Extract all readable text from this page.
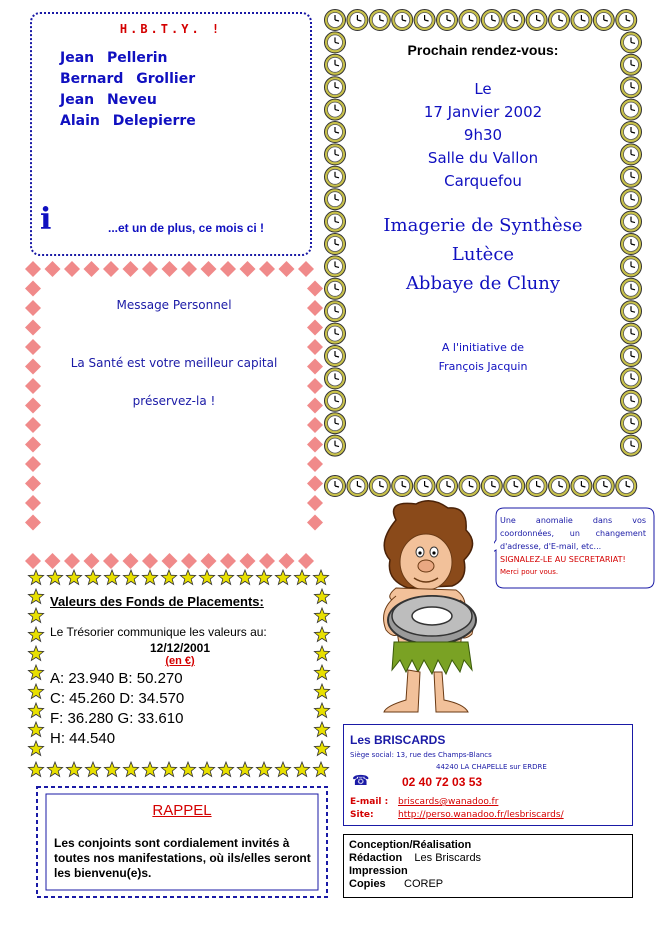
H.B.T.Y. !
Jean Pellerin
Bernard Grollier
Jean Neveu
Alain Delepierre
i	...et un de plus, ce mois ci !
Message Personnel
La Santé est votre meilleur capital
préservez-la !
Prochain rendez-vous:
Le
17 Janvier 2002
9h30
Salle du Vallon
Carquefou
Imagerie de Synthèse
Lutèce
Abbaye de Cluny
A l'initiative de
François Jacquin
Une anomalie dans vos coordonnées, un changement d'adresse, d'E-mail, etc...
SIGNALEZ-LE AU SECRETARIAT!
Merci pour vous.
Valeurs des Fonds de Placements:
Le Trésorier communique les valeurs au:
12/12/2001
(en €)
A: 23.940 B: 50.270
C: 45.260 D: 34.570
F: 36.280 G: 33.610
H: 44.540
RAPPEL
Les conjoints sont cordialement invités à toutes nos manifestations, où ils/elles seront les bienvenu(e)s.
Les BRISCARDS
Siège social: 13, rue des Champs-Blancs
44240 LA CHAPELLE sur ERDRE
☎	02 40 72 03 53
E-mail : briscards@wanadoo.fr
Site:	http://perso.wanadoo.fr/lesbriscards/
Conception/Réalisation
Rédaction Les Briscards
Impression
Copies COREP
